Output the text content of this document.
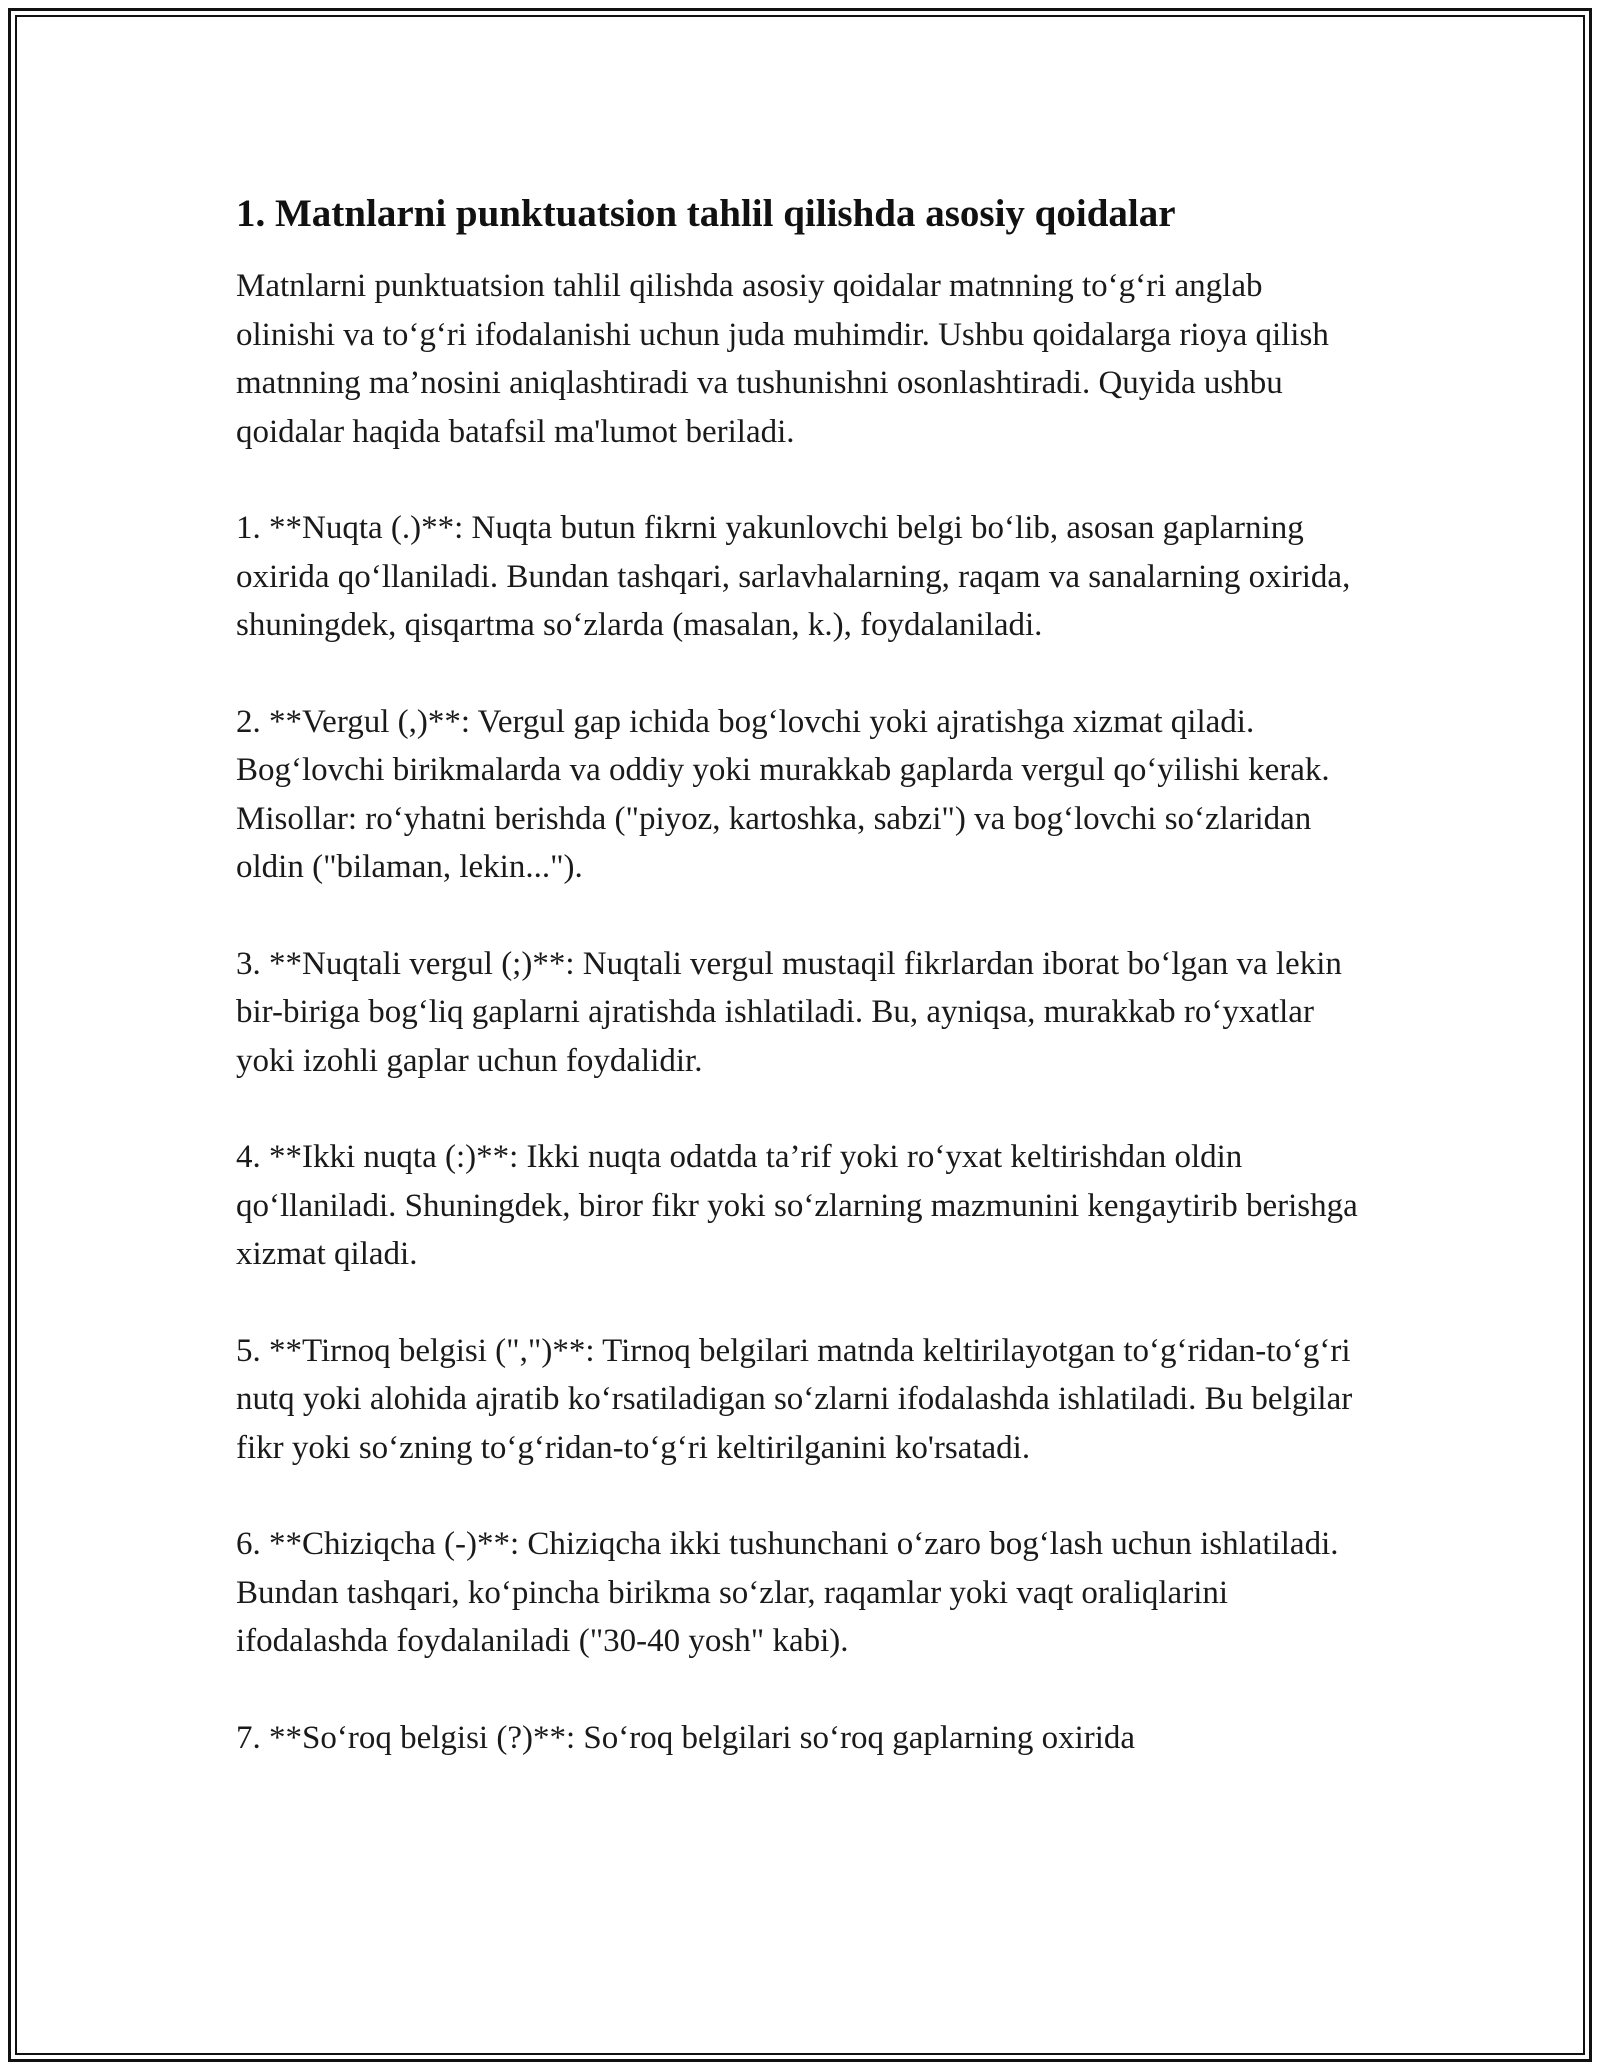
1. Matnlarni punktuatsion tahlil qilishda asosiy qoidalar

Matnlarni punktuatsion tahlil qilishda asosiy qoidalar matnning to‘g‘ri anglab olinishi va to‘g‘ri ifodalanishi uchun juda muhimdir. Ushbu qoidalarga rioya qilish matnning ma’nosini aniqlashtiradi va tushunishni osonlashtiradi. Quyida ushbu qoidalar haqida batafsil ma'lumot beriladi.

1. **Nuqta (.)**: Nuqta butun fikrni yakunlovchi belgi bo‘lib, asosan gaplarning oxirida qo‘llaniladi. Bundan tashqari, sarlavhalarning, raqam va sanalarning oxirida, shuningdek, qisqartma so‘zlarda (masalan, k.), foydalaniladi.

2. **Vergul (,)**: Vergul gap ichida bog‘lovchi yoki ajratishga xizmat qiladi. Bog‘lovchi birikmalarda va oddiy yoki murakkab gaplarda vergul qo‘yilishi kerak. Misollar: ro‘yhatni berishda ("piyoz, kartoshka, sabzi") va bog‘lovchi so‘zlaridan oldin ("bilaman, lekin...").

3. **Nuqtali vergul (;)**: Nuqtali vergul mustaqil fikrlardan iborat bo‘lgan va lekin bir-biriga bog‘liq gaplarni ajratishda ishlatiladi. Bu, ayniqsa, murakkab ro‘yxatlar yoki izohli gaplar uchun foydalidir.

4. **Ikki nuqta (:)**: Ikki nuqta odatda ta’rif yoki ro‘yxat keltirishdan oldin qo‘llaniladi. Shuningdek, biror fikr yoki so‘zlarning mazmunini kengaytirib berishga xizmat qiladi.

5. **Tirnoq belgisi (",")**: Tirnoq belgilari matnda keltirilayotgan to‘g‘ridan-to‘g‘ri nutq yoki alohida ajratib ko‘rsatiladigan so‘zlarni ifodalashda ishlatiladi. Bu belgilar fikr yoki so‘zning to‘g‘ridan-to‘g‘ri keltirilganini ko'rsatadi.

6. **Chiziqcha (-)**: Chiziqcha ikki tushunchani o‘zaro bog‘lash uchun ishlatiladi. Bundan tashqari, ko‘pincha birikma so‘zlar, raqamlar yoki vaqt oraliqlarini ifodalashda foydalaniladi ("30-40 yosh" kabi).

7. **So‘roq belgisi (?)**: So‘roq belgilari so‘roq gaplarning oxirida
